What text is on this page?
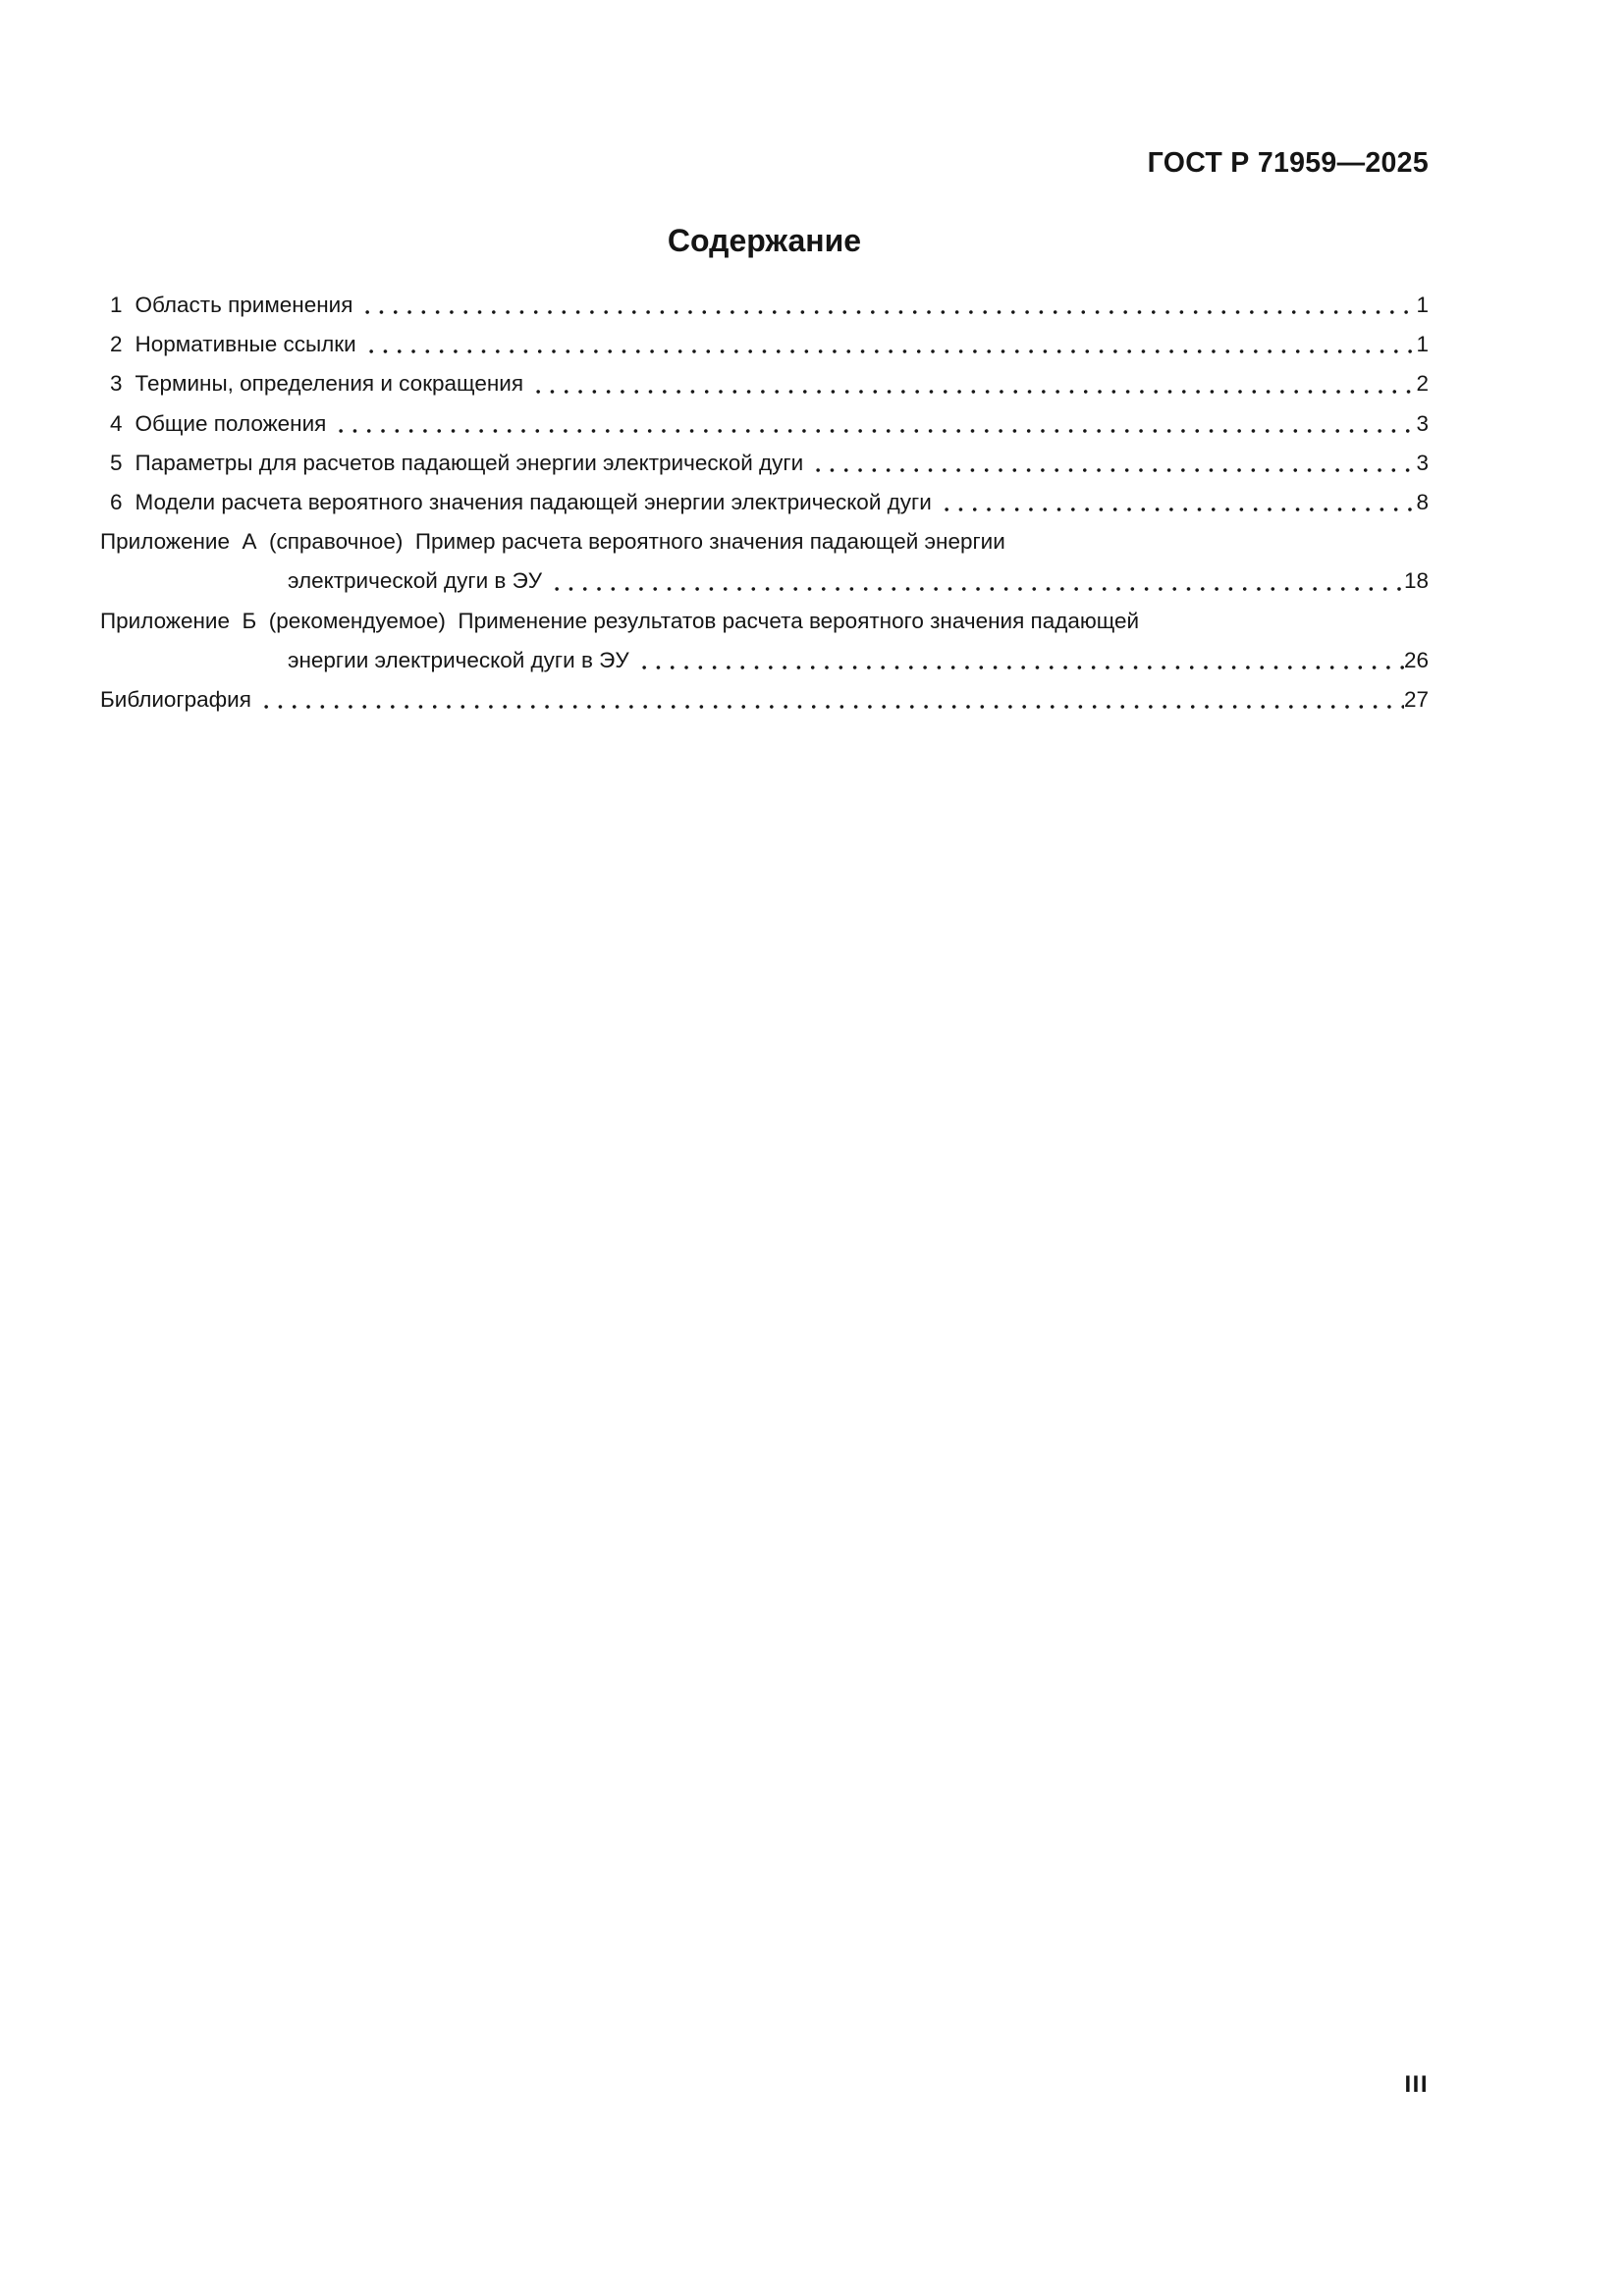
ГОСТ Р 71959—2025
Содержание
1 Область применения	1
2 Нормативные ссылки	1
3 Термины, определения и сокращения	2
4 Общие положения	3
5 Параметры для расчетов падающей энергии электрической дуги	3
6 Модели расчета вероятного значения падающей энергии электрической дуги	8
Приложение  А  (справочное)  Пример расчета вероятного значения падающей энергии
электрической дуги в ЭУ	18
Приложение  Б  (рекомендуемое)  Применение результатов расчета вероятного значения падающей
энергии электрической дуги в ЭУ	26
Библиография	27
III
